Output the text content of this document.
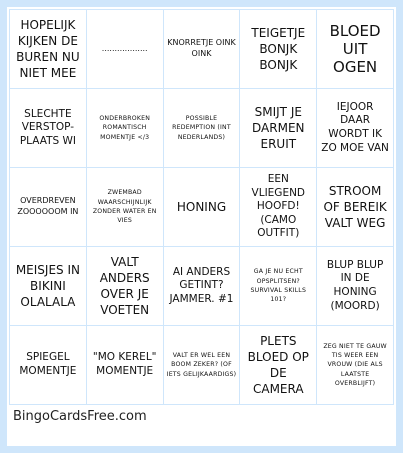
HOPELIJK KIJKEN DE BUREN NU NIET MEE
..................
KNORRETJE OINK OINK
TEIGETJE BONJK BONJK
BLOED UIT OGEN
SLECHTE VERSTOP-PLAATS WI
ONDERBROKEN ROMANTISCH MOMENTJE </3
POSSIBLE REDEMPTION (INT NEDERLANDS)
SMIJT JE DARMEN ERUIT
IEJOOR DAAR WORDT IK ZO MOE VAN
OVERDREVEN ZOOOOOOM IN
ZWEMBAD WAARSCHIJNLIJK ZONDER WATER EN VIES
HONING
EEN VLIEGEND HOOFD! (CAMO OUTFIT)
STROOM OF BEREIK VALT WEG
MEISJES IN BIKINI OLALALA
VALT ANDERS OVER JE VOETEN
AI ANDERS GETINT? JAMMER. #1
GA JE NU ECHT OPSPLITSEN? SURVIVAL SKILLS 101?
BLUP BLUP IN DE HONING (MOORD)
SPIEGEL MOMENTJE
"MO KEREL" MOMENTJE
VALT ER WEL EEN BOOM ZEKER? (OF IETS GELIJKAARDIGS)
PLETS BLOED OP DE CAMERA
ZEG NIET TE GAUW TIS WEER EEN VROUW (DIE ALS LAATSTE OVERBLIJFT)
BingoCardsFree.com
